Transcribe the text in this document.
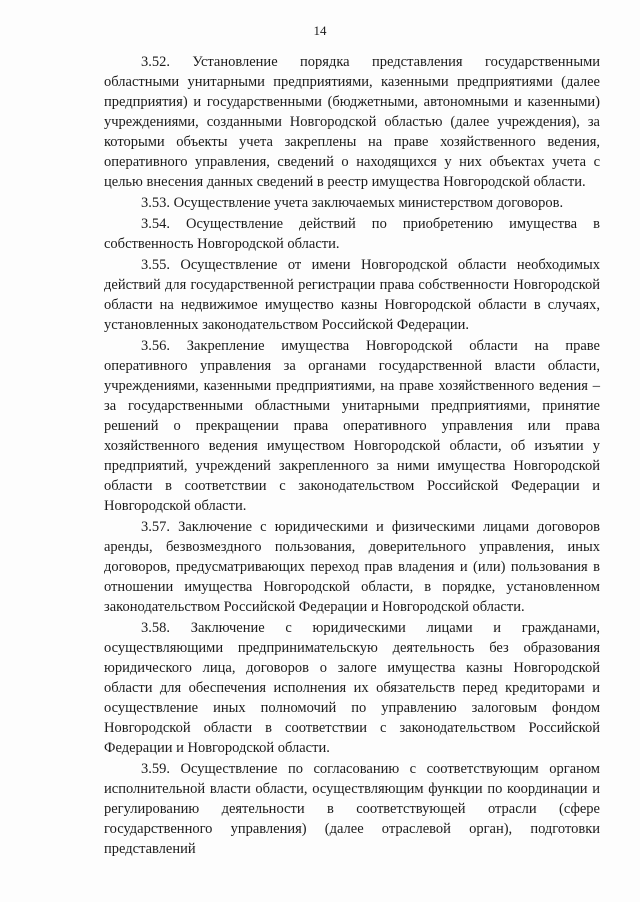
14

3.52. Установление порядка представления государственными областными унитарными предприятиями, казенными предприятиями (далее предприятия) и государственными (бюджетными, автономными и казенными) учреждениями, созданными Новгородской областью (далее учреждения), за которыми объекты учета закреплены на праве хозяйственного ведения, оперативного управления, сведений о находящихся у них объектах учета с целью внесения данных сведений в реестр имущества Новгородской области.

3.53. Осуществление учета заключаемых министерством договоров.

3.54. Осуществление действий по приобретению имущества в собственность Новгородской области.

3.55. Осуществление от имени Новгородской области необходимых действий для государственной регистрации права собственности Новгородской области на недвижимое имущество казны Новгородской области в случаях, установленных законодательством Российской Федерации.

3.56. Закрепление имущества Новгородской области на праве оперативного управления за органами государственной власти области, учреждениями, казенными предприятиями, на праве хозяйственного ведения – за государственными областными унитарными предприятиями, принятие решений о прекращении права оперативного управления или права хозяйственного ведения имуществом Новгородской области, об изъятии у предприятий, учреждений закрепленного за ними имущества Новгородской области в соответствии с законодательством Российской Федерации и Новгородской области.

3.57. Заключение с юридическими и физическими лицами договоров аренды, безвозмездного пользования, доверительного управления, иных договоров, предусматривающих переход прав владения и (или) пользования в отношении имущества Новгородской области, в порядке, установленном законодательством Российской Федерации и Новгородской области.

3.58. Заключение с юридическими лицами и гражданами, осуществляющими предпринимательскую деятельность без образования юридического лица, договоров о залоге имущества казны Новгородской области для обеспечения исполнения их обязательств перед кредиторами и осуществление иных полномочий по управлению залоговым фондом Новгородской области в соответствии с законодательством Российской Федерации и Новгородской области.

3.59. Осуществление по согласованию с соответствующим органом исполнительной власти области, осуществляющим функции по координации и регулированию деятельности в соответствующей отрасли (сфере государственного управления) (далее отраслевой орган), подготовки представлений
